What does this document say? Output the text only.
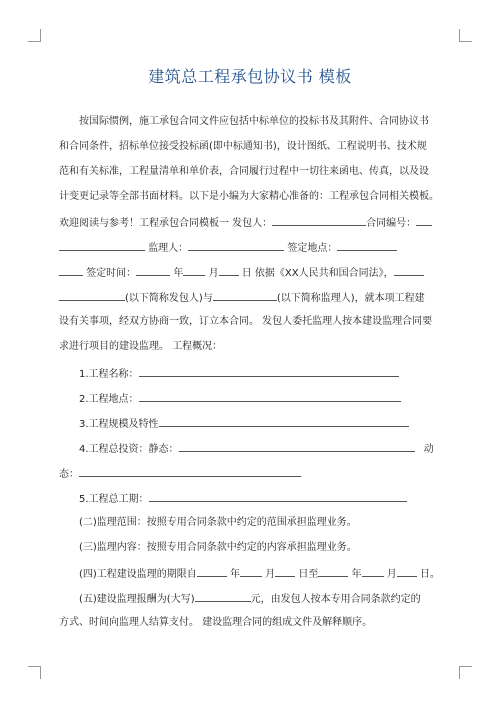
建筑总工程承包协议书 模板
按国际惯例，施工承包合同文件应包括中标单位的投标书及其附件、合同协议书
和合同条件，招标单位接受投标函(即中标通知书)，设计图纸、工程说明书、技术规
范和有关标准，工程量清单和单价表，合同履行过程中一切往来函电、传真，以及设
计变更记录等全部书面材料。以下是小编为大家精心准备的：工程承包合同相关模板。
欢迎阅读与参考！工程承包合同模板一 发包人：	合同编号：
监理人：	签定地点：
签定时间：	年	月 日 依据《XX人民共和国合同法》，
(以下简称发包人)与	(以下简称监理人)，就本项工程建
设有关事项，经双方协商一致，订立本合同。 发包人委托监理人按本建设监理合同要
求进行项目的建设监理。 工程概况：
1.工程名称：
2.工程地点：
3.工程规模及特性
4.工程总投资：静态：	动
态：
5.工程总工期：
(二)监理范围：按照专用合同条款中约定的范围承担监理业务。
(三)监理内容：按照专用合同条款中约定的内容承担监理业务。
(四)工程建设监理的期限自	年	月 日至	年	月 日。
(五)建设监理报酬为(大写)	元，由发包人按本专用合同条款约定的
方式、时间向监理人结算支付。 建设监理合同的组成文件及解释顺序。
